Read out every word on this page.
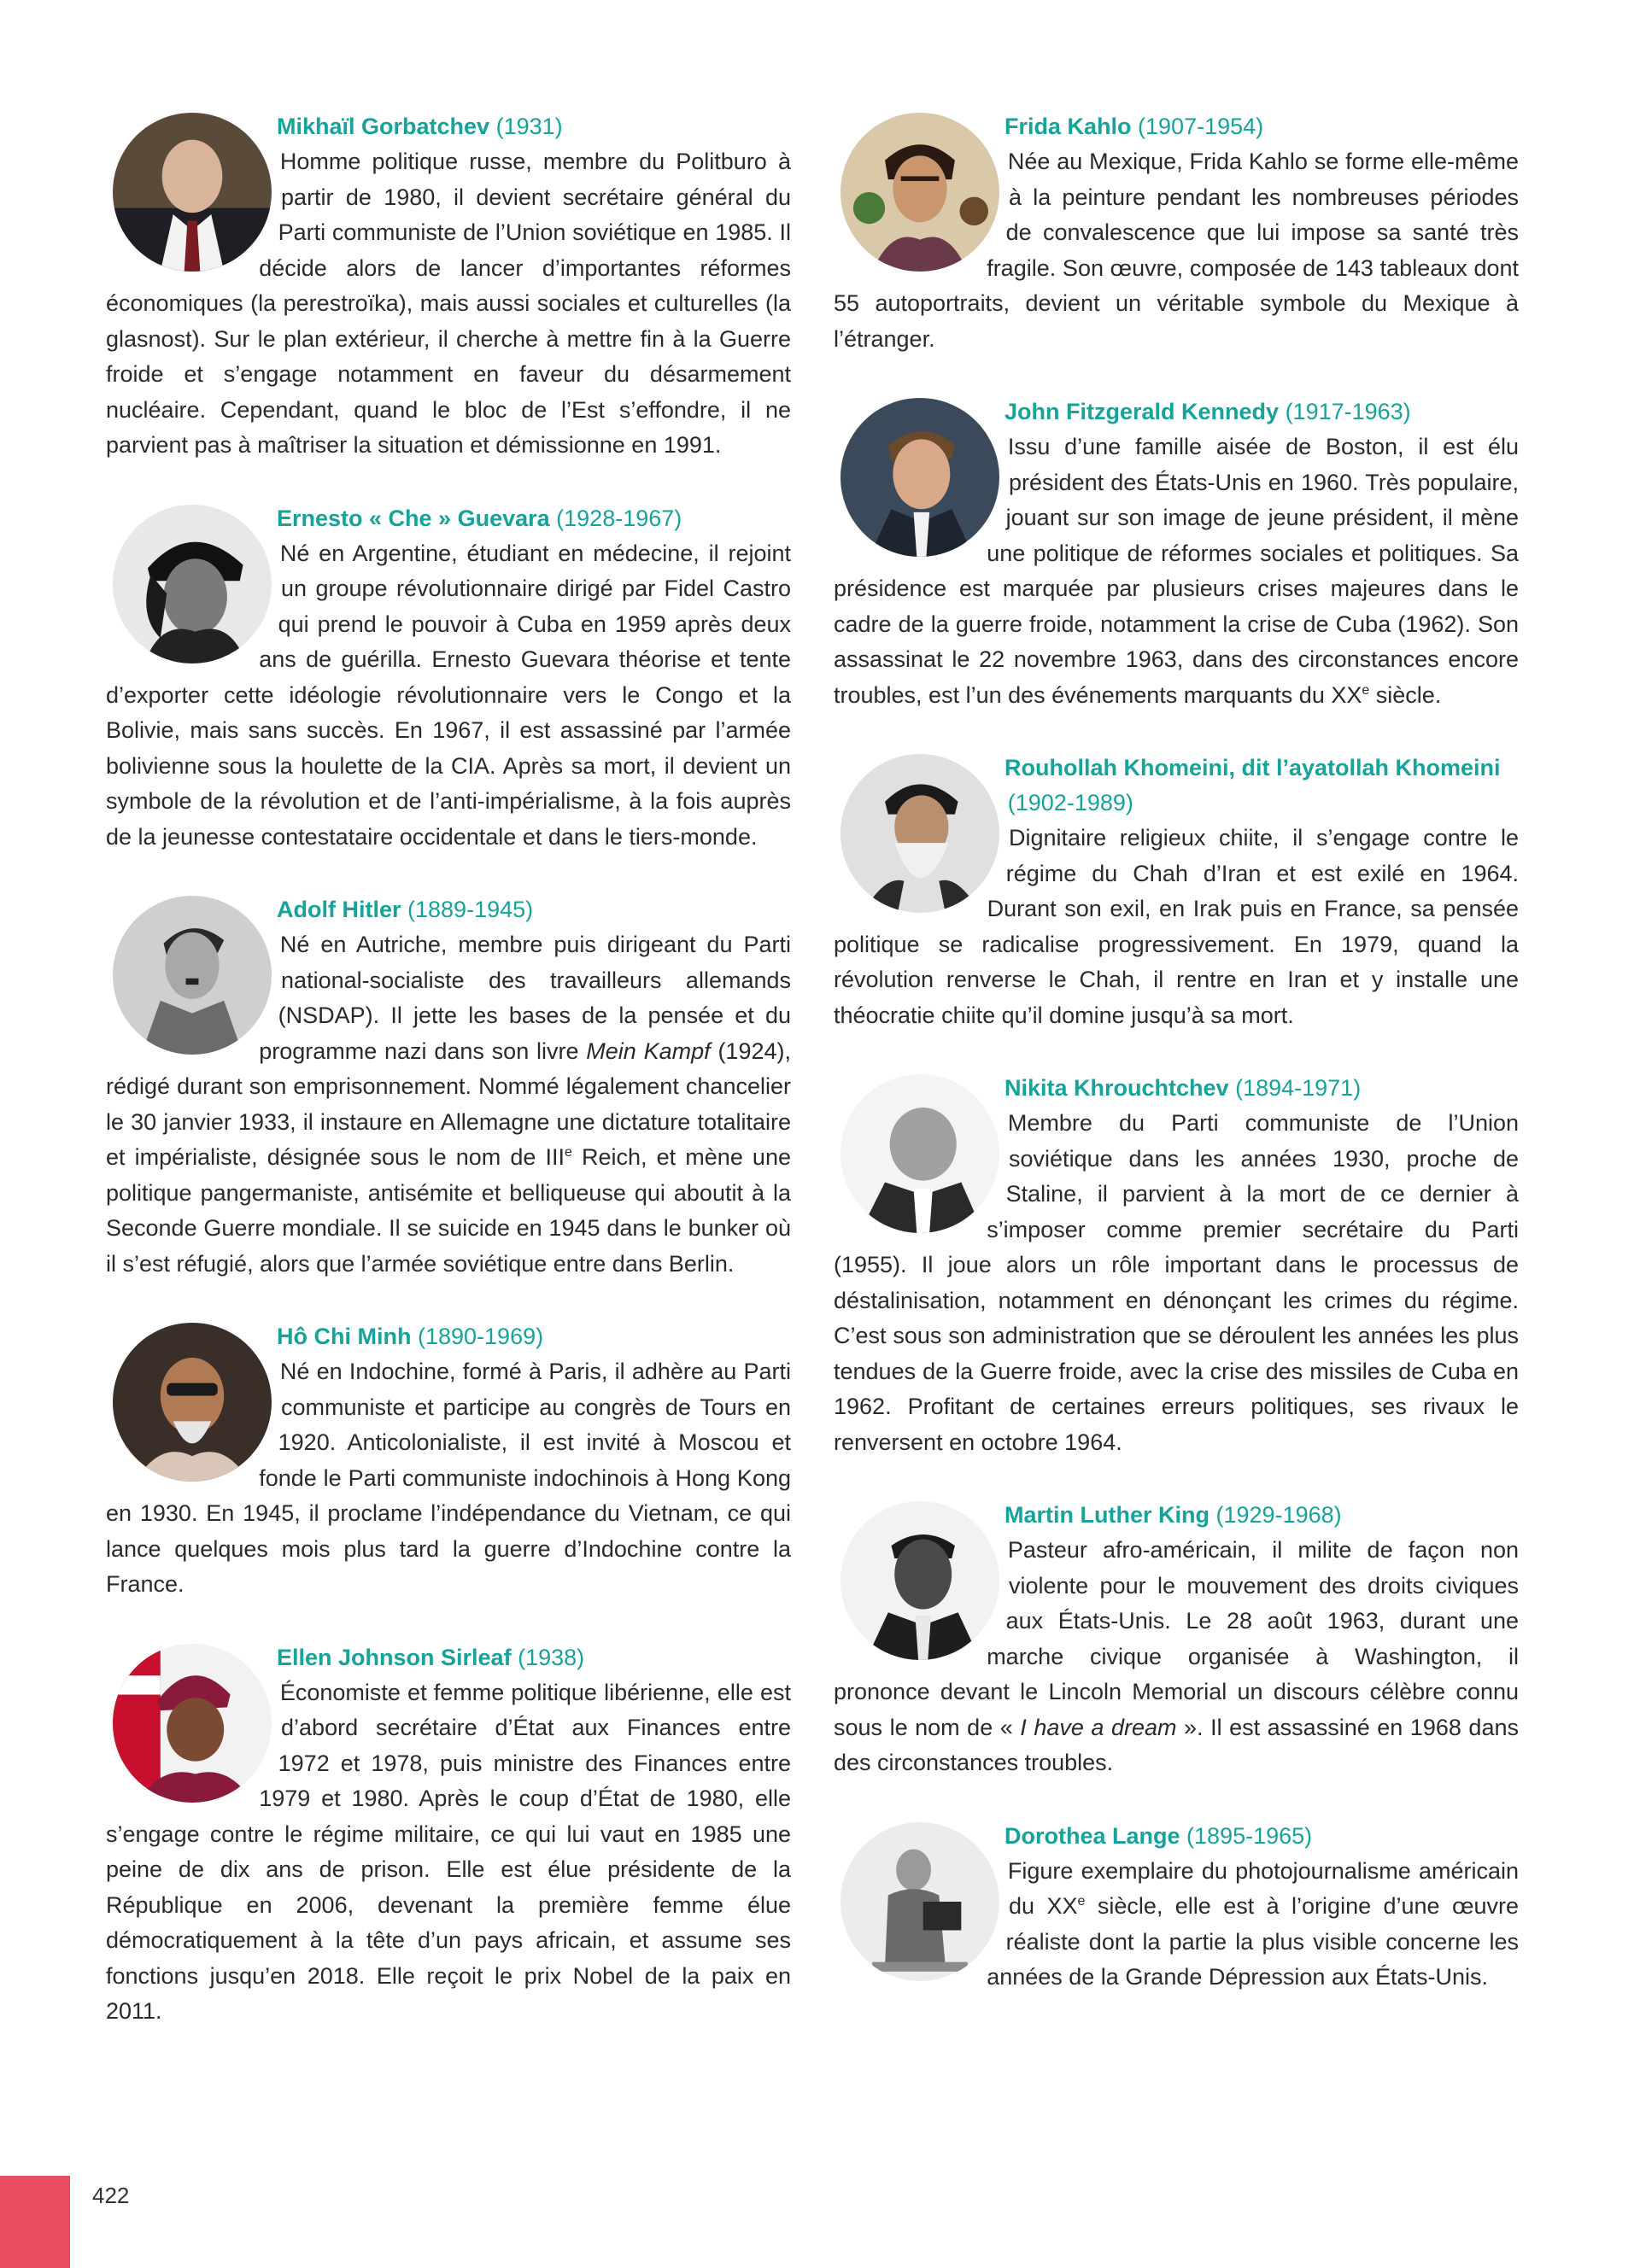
Mikhaïl Gorbatchev (1931)

Homme politique russe, membre du Politburo à partir de 1980, il devient secrétaire général du Parti communiste de l’Union soviétique en 1985. Il décide alors de lancer d’importantes réformes économiques (la perestroïka), mais aussi sociales et culturelles (la glasnost). Sur le plan extérieur, il cherche à mettre fin à la Guerre froide et s’engage notamment en faveur du désarmement nucléaire. Cependant, quand le bloc de l’Est s’effondre, il ne parvient pas à maîtriser la situation et démissionne en 1991.

Ernesto « Che » Guevara (1928-1967)

Né en Argentine, étudiant en médecine, il rejoint un groupe révolutionnaire dirigé par Fidel Castro qui prend le pouvoir à Cuba en 1959 après deux ans de guérilla. Ernesto Guevara théorise et tente d’exporter cette idéologie révolutionnaire vers le Congo et la Bolivie, mais sans succès. En 1967, il est assassiné par l’armée bolivienne sous la houlette de la CIA. Après sa mort, il devient un symbole de la révolution et de l’anti-impérialisme, à la fois auprès de la jeunesse contestataire occidentale et dans le tiers-monde.

Adolf Hitler (1889-1945)

Né en Autriche, membre puis dirigeant du Parti national-socialiste des travailleurs allemands (NSDAP). Il jette les bases de la pensée et du programme nazi dans son livre Mein Kampf (1924), rédigé durant son emprisonnement. Nommé légalement chancelier le 30 janvier 1933, il instaure en Allemagne une dictature totalitaire et impérialiste, désignée sous le nom de IIIe Reich, et mène une politique pangermaniste, antisémite et belliqueuse qui aboutit à la Seconde Guerre mondiale. Il se suicide en 1945 dans le bunker où il s’est réfugié, alors que l’armée soviétique entre dans Berlin.

Hô Chi Minh (1890-1969)

Né en Indochine, formé à Paris, il adhère au Parti communiste et participe au congrès de Tours en 1920. Anticolonialiste, il est invité à Moscou et fonde le Parti communiste indochinois à Hong Kong en 1930. En 1945, il proclame l’indépendance du Vietnam, ce qui lance quelques mois plus tard la guerre d’Indochine contre la France.

Ellen Johnson Sirleaf (1938)

Économiste et femme politique libérienne, elle est d’abord secrétaire d’État aux Finances entre 1972 et 1978, puis ministre des Finances entre 1979 et 1980. Après le coup d’État de 1980, elle s’engage contre le régime militaire, ce qui lui vaut en 1985 une peine de dix ans de prison. Elle est élue présidente de la République en 2006, devenant la première femme élue démocratiquement à la tête d’un pays africain, et assume ses fonctions jusqu’en 2018. Elle reçoit le prix Nobel de la paix en 2011.

Frida Kahlo (1907-1954)

Née au Mexique, Frida Kahlo se forme elle-même à la peinture pendant les nombreuses périodes de convalescence que lui impose sa santé très fragile. Son œuvre, composée de 143 tableaux dont 55 autoportraits, devient un véritable symbole du Mexique à l’étranger.

John Fitzgerald Kennedy (1917-1963)

Issu d’une famille aisée de Boston, il est élu président des États-Unis en 1960. Très populaire, jouant sur son image de jeune président, il mène une politique de réformes sociales et politiques. Sa présidence est marquée par plusieurs crises majeures dans le cadre de la guerre froide, notamment la crise de Cuba (1962). Son assassinat le 22 novembre 1963, dans des circonstances encore troubles, est l’un des événements marquants du XXe siècle.

Rouhollah Khomeini, dit l’ayatollah Khomeini (1902-1989)

Dignitaire religieux chiite, il s’engage contre le régime du Chah d’Iran et est exilé en 1964. Durant son exil, en Irak puis en France, sa pensée politique se radicalise progressivement. En 1979, quand la révolution renverse le Chah, il rentre en Iran et y installe une théocratie chiite qu’il domine jusqu’à sa mort.

Nikita Khrouchtchev (1894-1971)

Membre du Parti communiste de l’Union soviétique dans les années 1930, proche de Staline, il parvient à la mort de ce dernier à s’imposer comme premier secrétaire du Parti (1955). Il joue alors un rôle important dans le processus de déstalinisation, notamment en dénonçant les crimes du régime. C’est sous son administration que se déroulent les années les plus tendues de la Guerre froide, avec la crise des missiles de Cuba en 1962. Profitant de certaines erreurs politiques, ses rivaux le renversent en octobre 1964.

Martin Luther King (1929-1968)

Pasteur afro-américain, il milite de façon non violente pour le mouvement des droits civiques aux États-Unis. Le 28 août 1963, durant une marche civique organisée à Washington, il prononce devant le Lincoln Memorial un discours célèbre connu sous le nom de « I have a dream ». Il est assassiné en 1968 dans des circonstances troubles.

Dorothea Lange (1895-1965)

Figure exemplaire du photojournalisme américain du XXe siècle, elle est à l’origine d’une œuvre réaliste dont la partie la plus visible concerne les années de la Grande Dépression aux États-Unis.

422
